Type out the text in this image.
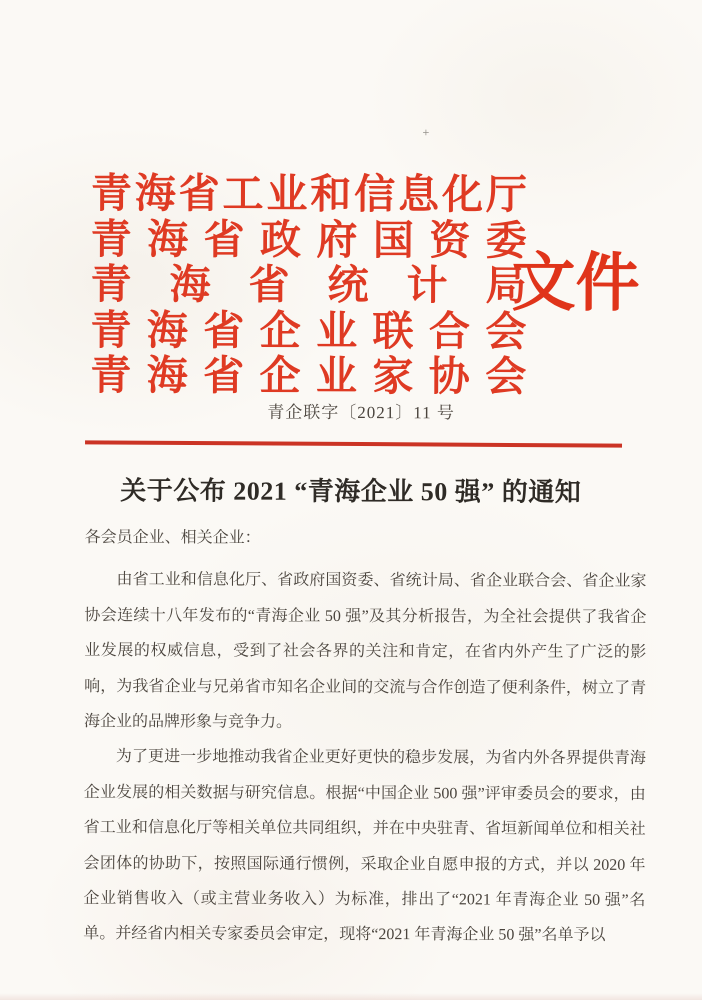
+
青海省工业和信息化厅
青海省政府国资委
青海省统计局
青海省企业联合会
青海省企业家协会
文件
青企联字〔2021〕11 号
关于公布 2021 “青海企业 50 强” 的通知

各会员企业、相关企业：

由省工业和信息化厅、省政府国资委、省统计局、省企业联合会、省企业家协会连续十八年发布的“青海企业 50 强”及其分析报告，为全社会提供了我省企业发展的权威信息，受到了社会各界的关注和肯定，在省内外产生了广泛的影响，为我省企业与兄弟省市知名企业间的交流与合作创造了便利条件，树立了青海企业的品牌形象与竞争力。

为了更进一步地推动我省企业更好更快的稳步发展，为省内外各界提供青海企业发展的相关数据与研究信息。根据“中国企业 500 强”评审委员会的要求，由省工业和信息化厅等相关单位共同组织，并在中央驻青、省垣新闻单位和相关社会团体的协助下，按照国际通行惯例，采取企业自愿申报的方式，并以 2020 年企业销售收入（或主营业务收入）为标准，排出了“2021 年青海企业 50 强”名单。并经省内相关专家委员会审定，现将“2021 年青海企业 50 强”名单予以
